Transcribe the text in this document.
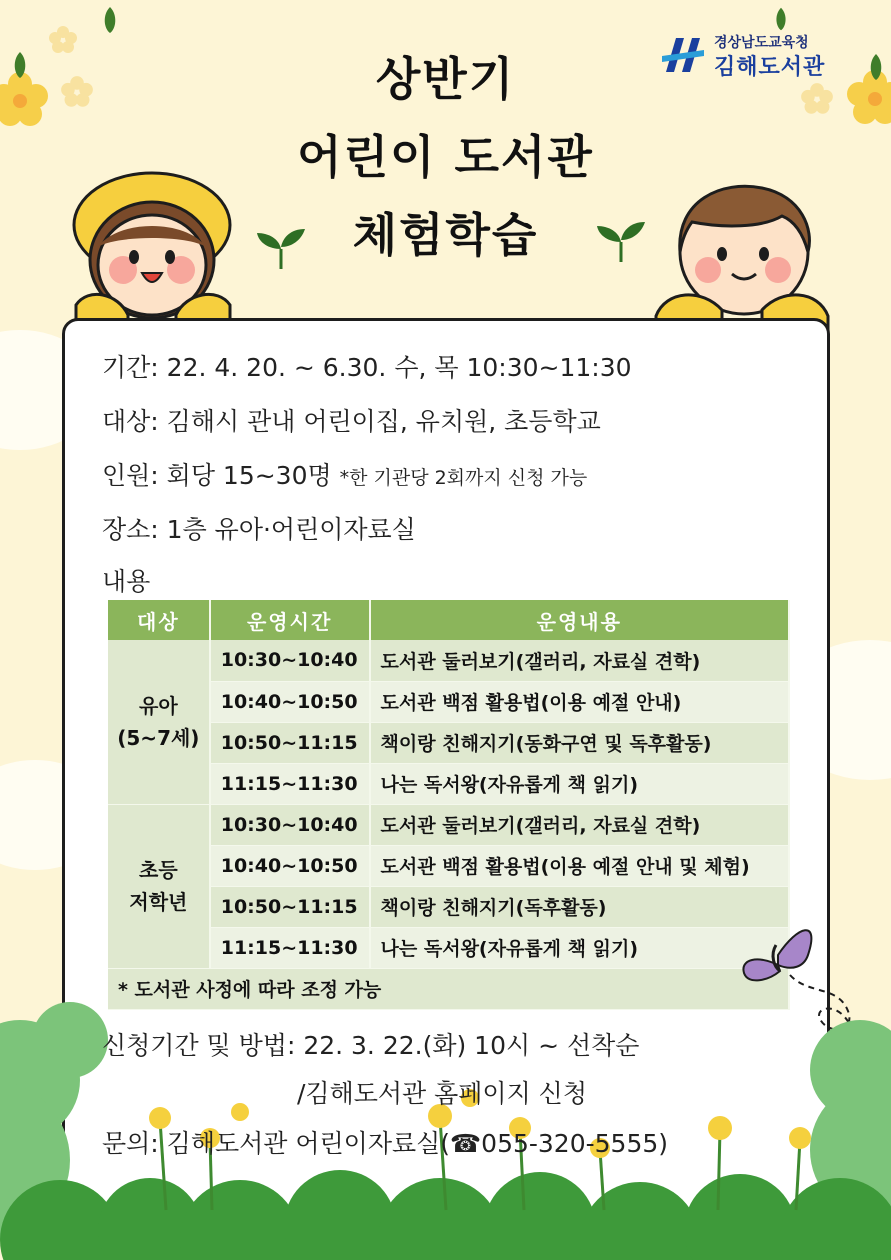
상반기
어린이 도서관
체험학습
경상남도교육청
김해도서관
기간: 22. 4. 20. ~ 6.30. 수, 목 10:30~11:30
대상: 김해시 관내 어린이집, 유치원, 초등학교
인원: 회당 15~30명 *한 기관당 2회까지 신청 가능
장소: 1층 유아·어린이자료실
내용
대상	운영시간	운영내용

유아
(5~7세)	10:30~10:40	도서관 둘러보기(갤러리, 자료실 견학)
	10:40~10:50	도서관 백점 활용법(이용 예절 안내)
	10:50~11:15	책이랑 친해지기(동화구연 및 독후활동)
	11:15~11:30	나는 독서왕(자유롭게 책 읽기)

초등
저학년	10:30~10:40	도서관 둘러보기(갤러리, 자료실 견학)
	10:40~10:50	도서관 백점 활용법(이용 예절 안내 및 체험)
	10:50~11:15	책이랑 친해지기(독후활동)
	11:15~11:30	나는 독서왕(자유롭게 책 읽기)
* 도서관 사정에 따라 조정 가능		
신청기간 및 방법: 22. 3. 22.(화) 10시 ~ 선착순
/김해도서관 홈페이지 신청
문의: 김해도서관 어린이자료실(☎055-320-5555)
